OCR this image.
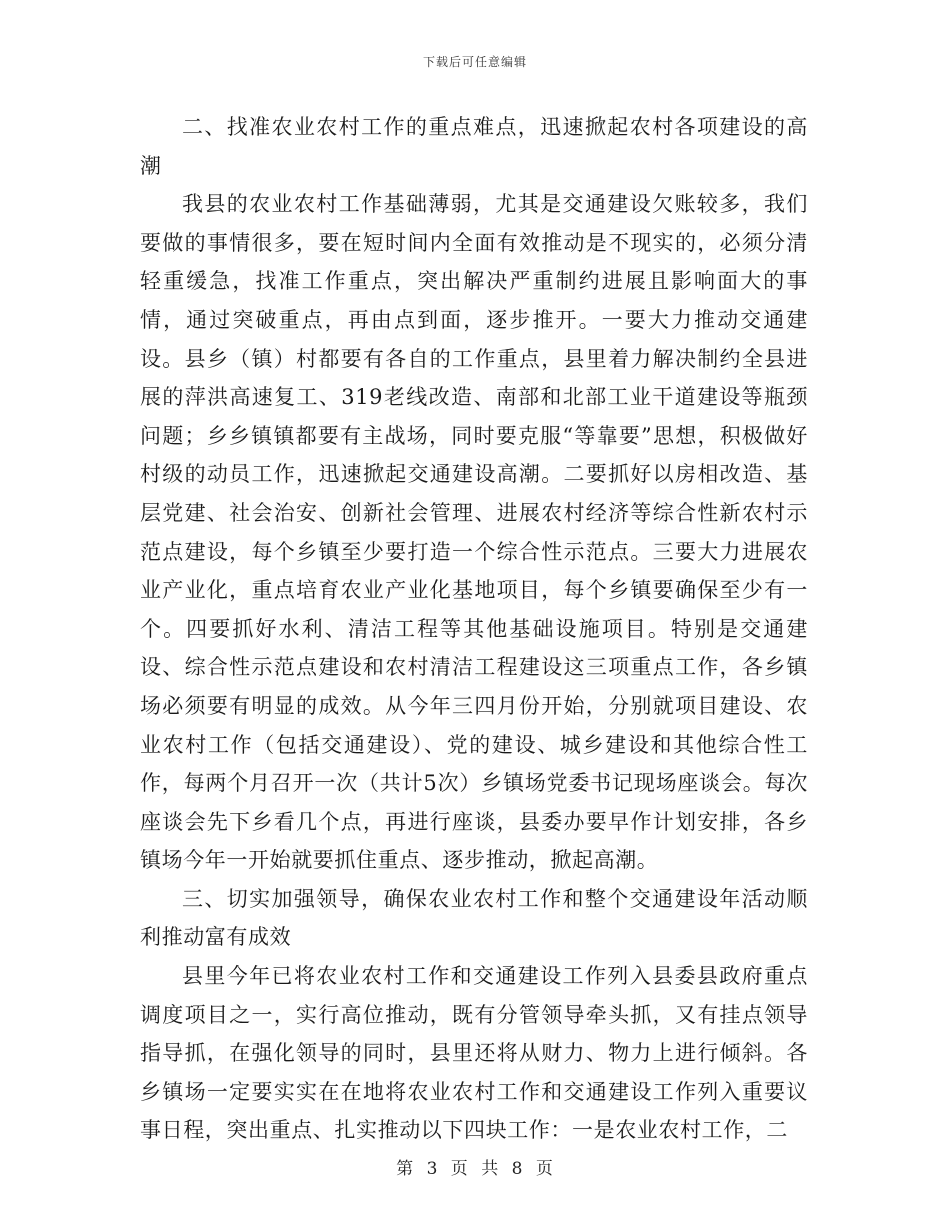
下载后可任意编辑

二、找准农业农村工作的重点难点，迅速掀起农村各项建设的高潮

我县的农业农村工作基础薄弱，尤其是交通建设欠账较多，我们要做的事情很多，要在短时间内全面有效推动是不现实的，必须分清轻重缓急，找准工作重点，突出解决严重制约进展且影响面大的事情，通过突破重点，再由点到面，逐步推开。一要大力推动交通建设。县乡（镇）村都要有各自的工作重点，县里着力解决制约全县进展的萍洪高速复工、319老线改造、南部和北部工业干道建设等瓶颈问题；乡乡镇镇都要有主战场，同时要克服“等靠要”思想，积极做好村级的动员工作，迅速掀起交通建设高潮。二要抓好以房相改造、基层党建、社会治安、创新社会管理、进展农村经济等综合性新农村示范点建设，每个乡镇至少要打造一个综合性示范点。三要大力进展农业产业化，重点培育农业产业化基地项目，每个乡镇要确保至少有一个。四要抓好水利、清洁工程等其他基础设施项目。特别是交通建设、综合性示范点建设和农村清洁工程建设这三项重点工作，各乡镇场必须要有明显的成效。从今年三四月份开始，分别就项目建设、农业农村工作（包括交通建设）、党的建设、城乡建设和其他综合性工作，每两个月召开一次（共计5次）乡镇场党委书记现场座谈会。每次座谈会先下乡看几个点，再进行座谈，县委办要早作计划安排，各乡镇场今年一开始就要抓住重点、逐步推动，掀起高潮。

三、切实加强领导，确保农业农村工作和整个交通建设年活动顺利推动富有成效

县里今年已将农业农村工作和交通建设工作列入县委县政府重点调度项目之一，实行高位推动，既有分管领导牵头抓，又有挂点领导指导抓，在强化领导的同时，县里还将从财力、物力上进行倾斜。各乡镇场一定要实实在在地将农业农村工作和交通建设工作列入重要议事日程，突出重点、扎实推动以下四块工作：一是农业农村工作，二

第 3 页 共 8 页
